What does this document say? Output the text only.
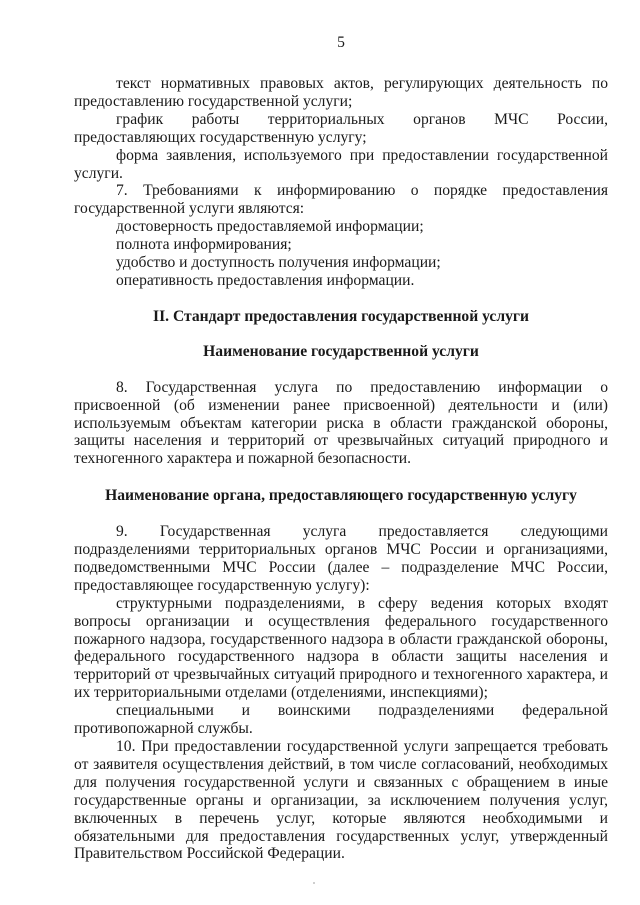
5

текст нормативных правовых актов, регулирующих деятельность по предоставлению государственной услуги;

график работы территориальных органов МЧС России, предоставляющих государственную услугу;

форма заявления, используемого при предоставлении государственной услуги.

7. Требованиями к информированию о порядке предоставления государственной услуги являются:

достоверность предоставляемой информации;

полнота информирования;

удобство и доступность получения информации;

оперативность предоставления информации.

II. Стандарт предоставления государственной услуги

Наименование государственной услуги

8. Государственная услуга по предоставлению информации о присвоенной (об изменении ранее присвоенной) деятельности и (или) используемым объектам категории риска в области гражданской обороны, защиты населения и территорий от чрезвычайных ситуаций природного и техногенного характера и пожарной безопасности.

Наименование органа, предоставляющего государственную услугу

9. Государственная услуга предоставляется следующими подразделениями территориальных органов МЧС России и организациями, подведомственными МЧС России (далее – подразделение МЧС России, предоставляющее государственную услугу):

структурными подразделениями, в сферу ведения которых входят вопросы организации и осуществления федерального государственного пожарного надзора, государственного надзора в области гражданской обороны, федерального государственного надзора в области защиты населения и территорий от чрезвычайных ситуаций природного и техногенного характера, и их территориальными отделами (отделениями, инспекциями);

специальными и воинскими подразделениями федеральной противопожарной службы.

10. При предоставлении государственной услуги запрещается требовать от заявителя осуществления действий, в том числе согласований, необходимых для получения государственной услуги и связанных с обращением в иные государственные органы и организации, за исключением получения услуг, включенных в перечень услуг, которые являются необходимыми и обязательными для предоставления государственных услуг, утвержденный Правительством Российской Федерации.
